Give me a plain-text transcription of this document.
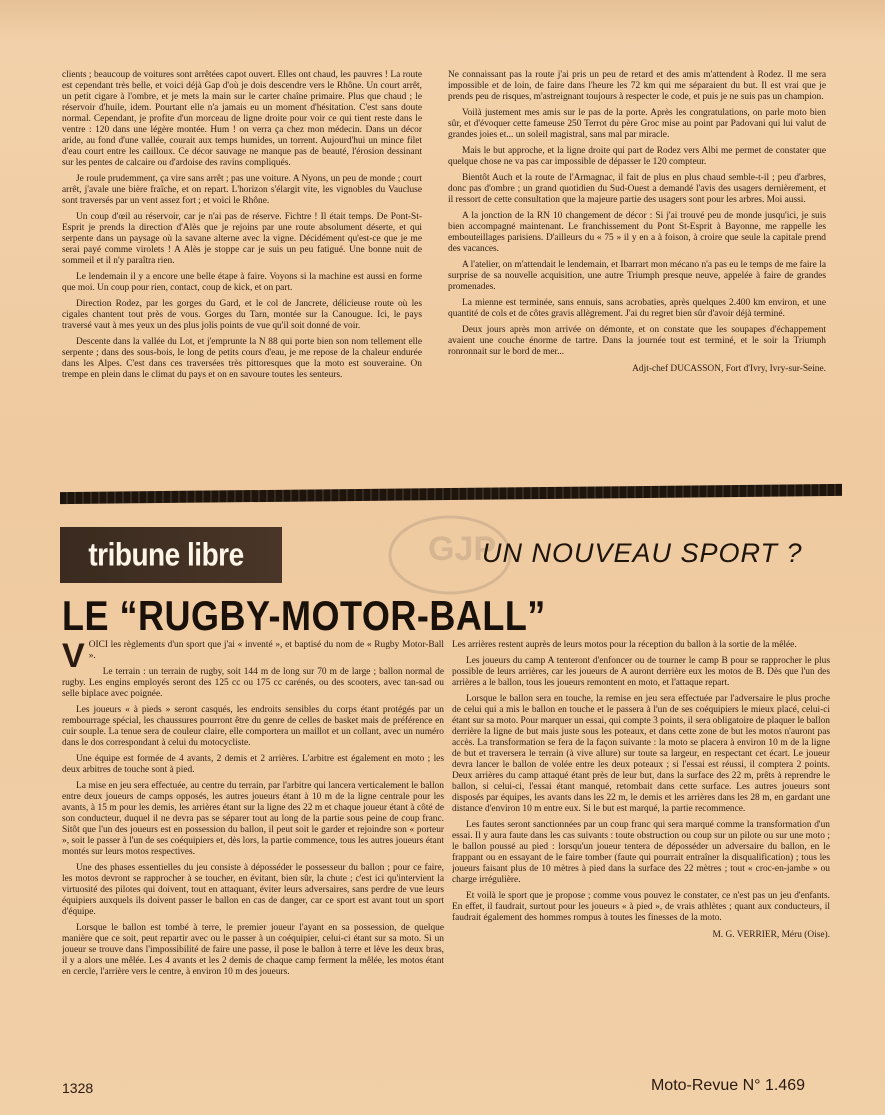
clients ; beaucoup de voitures sont arrêtées capot ouvert. Elles ont chaud, les pauvres ! La route est cependant très belle, et voici déjà Gap d'où je dois descendre vers le Rhône. Un court arrêt, un petit cigare à l'ombre, et je mets la main sur le carter chaîne primaire. Plus que chaud ; le réservoir d'huile, idem. Pourtant elle n'a jamais eu un moment d'hésitation. C'est sans doute normal. Cependant, je profite d'un morceau de ligne droite pour voir ce qui tient reste dans le ventre : 120 dans une légère montée. Hum ! on verra ça chez mon médecin. Dans un décor aride, au fond d'une vallée, courait aux temps humides, un torrent. Aujourd'hui un mince filet d'eau court entre les cailloux. Ce décor sauvage ne manque pas de beauté, l'érosion dessinant sur les pentes de calcaire ou d'ardoise des ravins compliqués.

Je roule prudemment, ça vire sans arrêt ; pas une voiture. A Nyons, un peu de monde ; court arrêt, j'avale une bière fraîche, et on repart. L'horizon s'élargit vite, les vignobles du Vaucluse sont traversés par un vent assez fort ; et voici le Rhône.

Un coup d'œil au réservoir, car je n'ai pas de réserve. Fichtre ! Il était temps. De Pont-St-Esprit je prends la direction d'Alès que je rejoins par une route absolument déserte, et qui serpente dans un paysage où la savane alterne avec la vigne. Décidément qu'est-ce que je me serai payé comme virolets ! A Alès je stoppe car je suis un peu fatigué. Une bonne nuit de sommeil et il n'y paraîtra rien.

Le lendemain il y a encore une belle étape à faire. Voyons si la machine est aussi en forme que moi. Un coup pour rien, contact, coup de kick, et on part.

Direction Rodez, par les gorges du Gard, et le col de Jancrete, délicieuse route où les cigales chantent tout près de vous. Gorges du Tarn, montée sur la Canougue. Ici, le pays traversé vaut à mes yeux un des plus jolis points de vue qu'il soit donné de voir.

Descente dans la vallée du Lot, et j'emprunte la N 88 qui porte bien son nom tellement elle serpente ; dans des sous-bois, le long de petits cours d'eau, je me repose de la chaleur endurée dans les Alpes. C'est dans ces traversées très pittoresques que la moto est souveraine. On trempe en plein dans le climat du pays et on en savoure toutes les senteurs.

Ne connaissant pas la route j'ai pris un peu de retard et des amis m'attendent à Rodez. Il me sera impossible et de loin, de faire dans l'heure les 72 km qui me séparaient du but. Il est vrai que je prends peu de risques, m'astreignant toujours à respecter le code, et puis je ne suis pas un champion.

Voilà justement mes amis sur le pas de la porte. Après les congratulations, on parle moto bien sûr, et d'évoquer cette fameuse 250 Terrot du père Groc mise au point par Padovani qui lui valut de grandes joies et... un soleil magistral, sans mal par miracle.

Mais le but approche, et la ligne droite qui part de Rodez vers Albi me permet de constater que quelque chose ne va pas car impossible de dépasser le 120 compteur.

Bientôt Auch et la route de l'Armagnac, il fait de plus en plus chaud semble-t-il ; peu d'arbres, donc pas d'ombre ; un grand quotidien du Sud-Ouest a demandé l'avis des usagers dernièrement, et il ressort de cette consultation que la majeure partie des usagers sont pour les arbres. Moi aussi.

A la jonction de la RN 10 changement de décor : Si j'ai trouvé peu de monde jusqu'ici, je suis bien accompagné maintenant. Le franchissement du Pont St-Esprit à Bayonne, me rappelle les embouteillages parisiens. D'ailleurs du « 75 » il y en a à foison, à croire que seule la capitale prend des vacances.

A l'atelier, on m'attendait le lendemain, et Ibarrart mon mécano n'a pas eu le temps de me faire la surprise de sa nouvelle acquisition, une autre Triumph presque neuve, appelée à faire de grandes promenades.

La mienne est terminée, sans ennuis, sans acrobaties, après quelques 2.400 km environ, et une quantité de cols et de côtes gravis allègrement. J'ai du regret bien sûr d'avoir déjà terminé.

Deux jours après mon arrivée on démonte, et on constate que les soupapes d'échappement avaient une couche énorme de tartre. Dans la journée tout est terminé, et le soir la Triumph ronronnait sur le bord de mer...

Adjt-chef DUCASSON, Fort d'Ivry, Ivry-sur-Seine.
tribune libre	GJP
UN NOUVEAU SPORT ?
LE “RUGBY-MOTOR-BALL”

VOICI les règlements d'un sport que j'ai « inventé », et baptisé du nom de « Rugby Motor-Ball ».

Le terrain : un terrain de rugby, soit 144 m de long sur 70 m de large ; ballon normal de rugby. Les engins employés seront des 125 cc ou 175 cc carénés, ou des scooters, avec tan-sad ou selle biplace avec poignée.

Les joueurs « à pieds » seront casqués, les endroits sensibles du corps étant protégés par un rembourrage spécial, les chaussures pourront être du genre de celles de basket mais de préférence en cuir souple. La tenue sera de couleur claire, elle comportera un maillot et un collant, avec un numéro dans le dos correspondant à celui du motocycliste.

Une équipe est formée de 4 avants, 2 demis et 2 arrières. L'arbitre est également en moto ; les deux arbitres de touche sont à pied.

La mise en jeu sera effectuée, au centre du terrain, par l'arbitre qui lancera verticalement le ballon entre deux joueurs de camps opposés, les autres joueurs étant à 10 m de la ligne centrale pour les avants, à 15 m pour les demis, les arrières étant sur la ligne des 22 m et chaque joueur étant à côté de son conducteur, duquel il ne devra pas se séparer tout au long de la partie sous peine de coup franc. Sitôt que l'un des joueurs est en possession du ballon, il peut soit le garder et rejoindre son « porteur », soit le passer à l'un de ses coéquipiers et, dès lors, la partie commence, tous les autres joueurs étant montés sur leurs motos respectives.

Une des phases essentielles du jeu consiste à déposséder le possesseur du ballon ; pour ce faire, les motos devront se rapprocher à se toucher, en évitant, bien sûr, la chute ; c'est ici qu'intervient la virtuosité des pilotes qui doivent, tout en attaquant, éviter leurs adversaires, sans perdre de vue leurs équipiers auxquels ils doivent passer le ballon en cas de danger, car ce sport est avant tout un sport d'équipe.

Lorsque le ballon est tombé à terre, le premier joueur l'ayant en sa possession, de quelque manière que ce soit, peut repartir avec ou le passer à un coéquipier, celui-ci étant sur sa moto. Si un joueur se trouve dans l'impossibilité de faire une passe, il pose le ballon à terre et lève les deux bras, il y a alors une mêlée. Les 4 avants et les 2 demis de chaque camp ferment la mêlée, les motos étant en cercle, l'arrière vers le centre, à environ 10 m des joueurs.

Les arrières restent auprès de leurs motos pour la réception du ballon à la sortie de la mêlée.

Les joueurs du camp A tenteront d'enfoncer ou de tourner le camp B pour se rapprocher le plus possible de leurs arrières, car les joueurs de A auront derrière eux les motos de B. Dès que l'un des arrières a le ballon, tous les joueurs remontent en moto, et l'attaque repart.

Lorsque le ballon sera en touche, la remise en jeu sera effectuée par l'adversaire le plus proche de celui qui a mis le ballon en touche et le passera à l'un de ses coéquipiers le mieux placé, celui-ci étant sur sa moto. Pour marquer un essai, qui compte 3 points, il sera obligatoire de plaquer le ballon derrière la ligne de but mais juste sous les poteaux, et dans cette zone de but les motos n'auront pas accès. La transformation se fera de la façon suivante : la moto se placera à environ 10 m de la ligne de but et traversera le terrain (à vive allure) sur toute sa largeur, en respectant cet écart. Le joueur devra lancer le ballon de volée entre les deux poteaux ; si l'essai est réussi, il comptera 2 points. Deux arrières du camp attaqué étant près de leur but, dans la surface des 22 m, prêts à reprendre le ballon, si celui-ci, l'essai étant manqué, retombait dans cette surface. Les autres joueurs sont disposés par équipes, les avants dans les 22 m, le demis et les arrières dans les 28 m, en gardant une distance d'environ 10 m entre eux. Si le but est marqué, la partie recommence.

Les fautes seront sanctionnées par un coup franc qui sera marqué comme la transformation d'un essai. Il y aura faute dans les cas suivants : toute obstruction ou coup sur un pilote ou sur une moto ; le ballon poussé au pied : lorsqu'un joueur tentera de déposséder un adversaire du ballon, en le frappant ou en essayant de le faire tomber (faute qui pourrait entraîner la disqualification) ; tous les joueurs faisant plus de 10 mètres à pied dans la surface des 22 mètres ; tout « croc-en-jambe » ou charge irrégulière.

Et voilà le sport que je propose ; comme vous pouvez le constater, ce n'est pas un jeu d'enfants. En effet, il faudrait, surtout pour les joueurs « à pied », de vrais athlètes ; quant aux conducteurs, il faudrait également des hommes rompus à toutes les finesses de la moto.

M. G. VERRIER, Méru (Oise).
1328	Moto-Revue N° 1.469
